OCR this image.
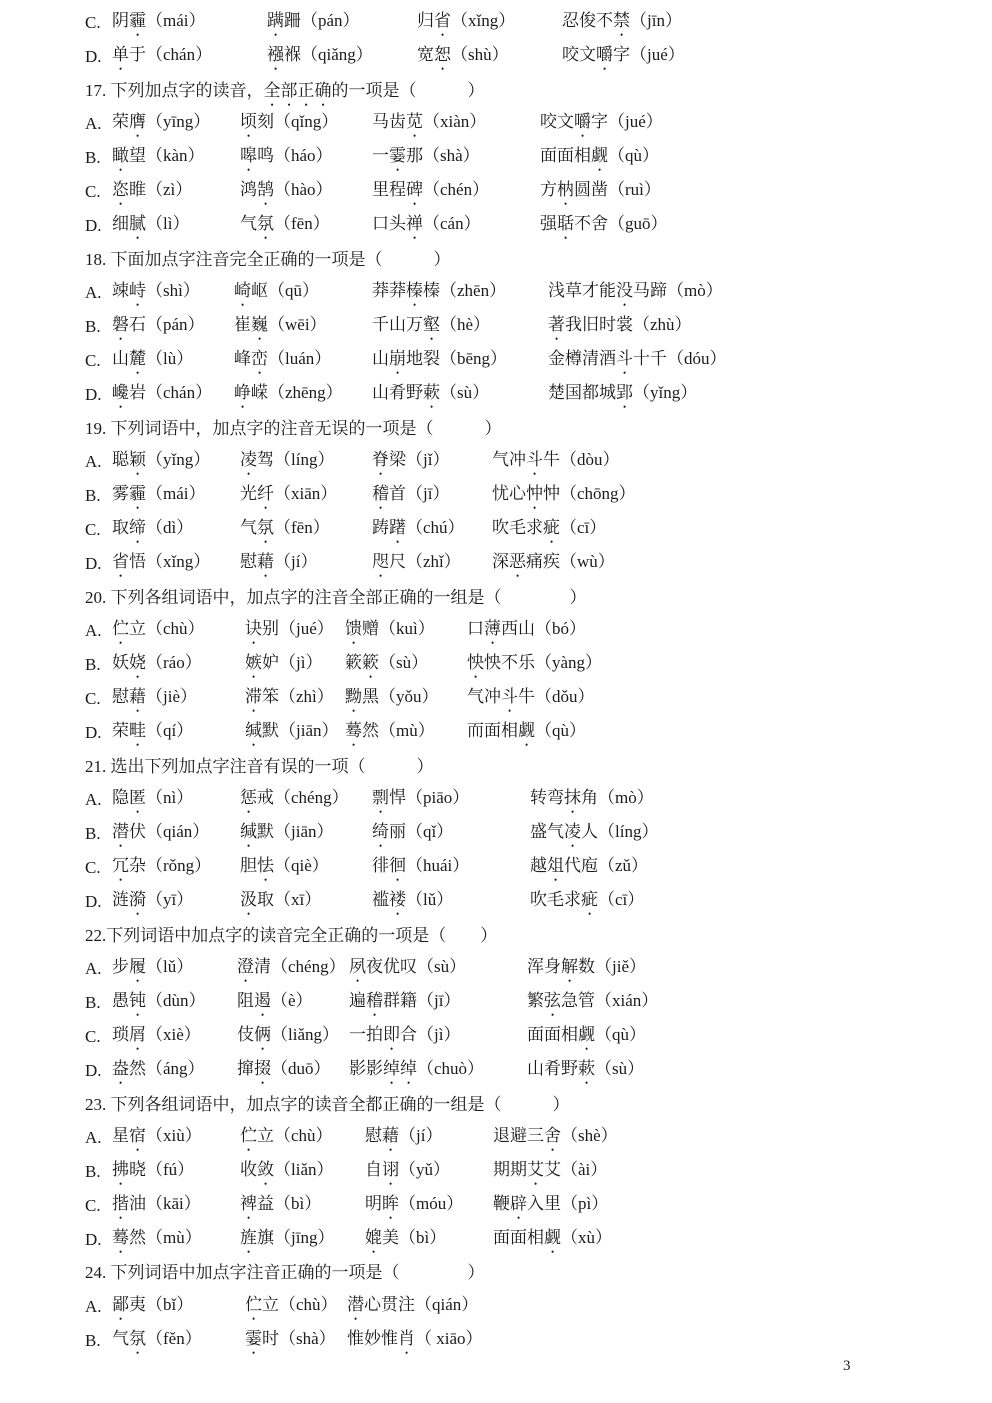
C. 阴霾（mái）	蹒跚（pán）	归省（xǐng）	忍俊不禁（jīn）
D. 单于（chán）	襁褓（qiǎng）	宽恕（shù）	咬文嚼字（jué）
17. 下列加点字的读音，全部正确的一项是（　　　）
A. 荣膺（yīng）	顷刻（qǐng）	马齿苋（xiàn）	咬文嚼字（jué）
B. 瞰望（kàn）	嗥鸣（háo）	一霎那（shà）	面面相觑（qù）
C. 恣睢（zì）	鸿鹄（hào）	里程碑（chén）	方枘圆凿（ruì）
D. 细腻（lì）	气氛（fēn）	口头禅（cán）	强聒不舍（guō）
18. 下面加点字注音完全正确的一项是（　　　）
A. 竦峙（shì）	崎岖（qū）	莽莽榛榛（zhēn）	浅草才能没马蹄（mò）
B. 磐石（pán）	崔巍（wēi）	千山万壑（hè）	著我旧时裳（zhù）
C. 山麓（lù）	峰峦（luán）	山崩地裂（bēng）	金樽清酒斗十千（dóu）
D. 巉岩（chán）	峥嵘（zhēng）	山肴野蔌（sù）	楚国都城郢（yǐng）
19. 下列词语中，加点字的注音无误的一项是（　　　）
A. 聪颖（yǐng）	凌驾（líng）	脊梁（jǐ）	气冲斗牛（dòu）
B. 雾霾（mái）	光纤（xiān）	稽首（jī）	忧心忡忡（chōng）
C. 取缔（dì）	气氛（fēn）	踌躇（chú）	吹毛求疵（cī）
D. 省悟（xǐng）	慰藉（jí）	咫尺（zhǐ）	深恶痛疾（wù）
20. 下列各组词语中，加点字的注音全部正确的一组是（　　　　）
A. 伫立（chù）	诀别（jué） 馈赠（kuì）	口薄西山（bó）
B. 妖娆（ráo）	嫉妒（jì）	簌簌（sù）	怏怏不乐（yàng）
C. 慰藉（jiè）	滞笨（zhì） 黝黑（yǒu）	气冲斗牛（dǒu）
D. 荣畦（qí）	缄默（jiān） 蓦然（mù）	而面相觑（qù）
21. 选出下列加点字注音有误的一项（　　　）
A. 隐匿（nì）	惩戒（chéng）	剽悍（piāo）	转弯抹角（mò）
B. 潜伏（qián）	缄默（jiān）	绮丽（qǐ）	盛气凌人（líng）
C. 冗杂（rǒng）	胆怯（qiè）	徘徊（huái）	越俎代庖（zǔ）
D. 涟漪（yī）	汲取（xī）	褴褛（lǔ）	吹毛求疵（cī）
22.下列词语中加点字的读音完全正确的一项是（　　）
A. 步履（lǔ）	澄清（chéng） 夙夜优叹（sù）	浑身解数（jiě）
B. 愚钝（dùn）	阻遏（è）	遍稽群籍（jī）	繁弦急管（xián）
C. 琐屑（xiè）	伎俩（liǎng） 一拍即合（jì）	面面相觑（qù）
D. 盎然（áng）	撺掇（duō）	影影绰绰（chuò）	山肴野蔌（sù）
23. 下列各组词语中，加点字的读音全都正确的一组是（　　　）
A. 星宿（xiù）	伫立（chù）	慰藉（jí）	退避三舍（shè）
B. 拂晓（fú）	收敛（liǎn）	自诩（yǔ）	期期艾艾（ài）
C. 揩油（kāi）	裨益（bì）	明眸（móu）	鞭辟入里（pì）
D. 蓦然（mù）	旌旗（jīng）	媲美（bì）	面面相觑（xù）
24. 下列词语中加点字注音正确的一项是（　　　　）
A. 鄙夷（bǐ）	伫立（chù） 潜心贯注（qián）
B. 气氛（fěn）	霎时（shà） 惟妙惟肖（ xiāo）
3
